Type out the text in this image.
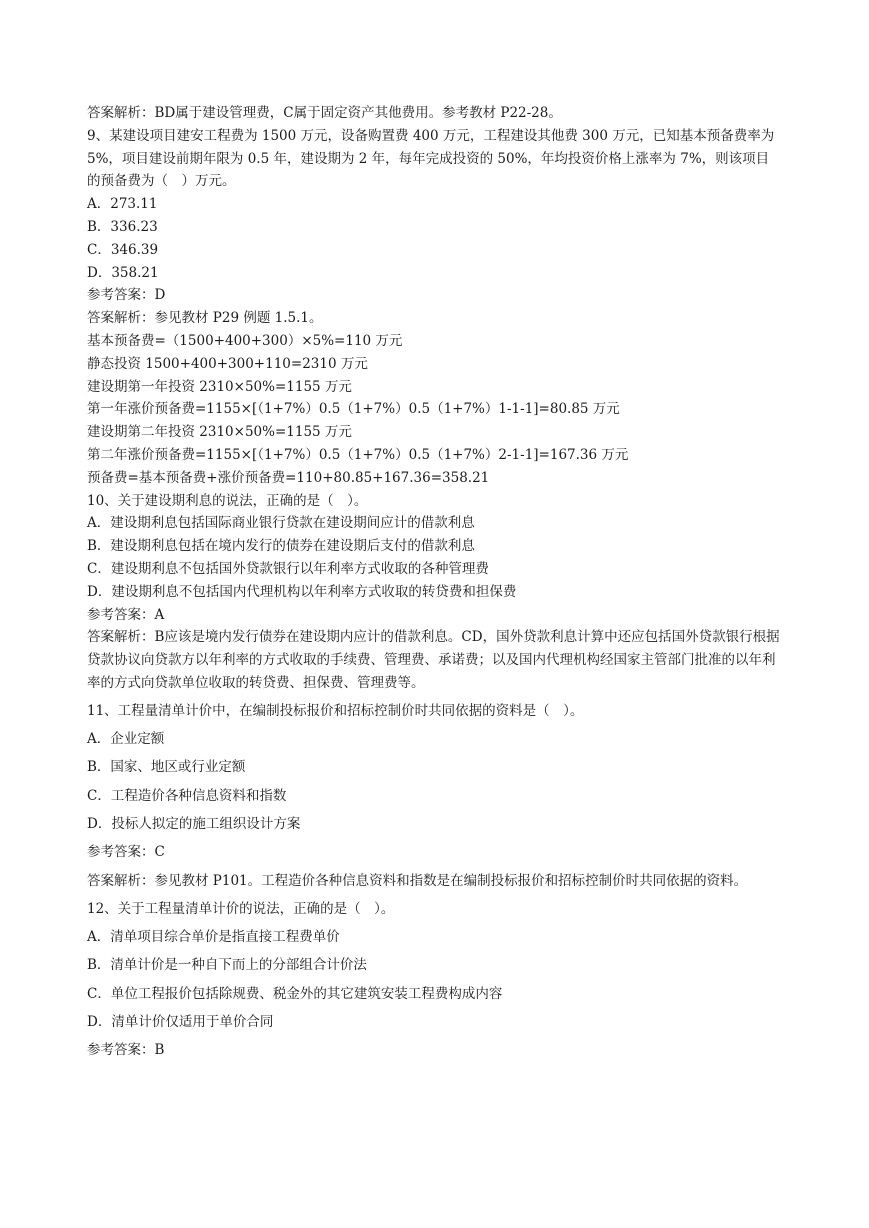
答案解析：BD属于建设管理费，C属于固定资产其他费用。参考教材 P22-28。
9、某建设项目建安工程费为 1500 万元，设备购置费 400 万元，工程建设其他费 300 万元，已知基本预备费率为 5%，项目建设前期年限为 0.5 年，建设期为 2 年，每年完成投资的 50%，年均投资价格上涨率为 7%，则该项目的预备费为（　）万元。
A．273.11
B．336.23
C．346.39
D．358.21
参考答案：D
答案解析：参见教材 P29 例题 1.5.1。
基本预备费=（1500+400+300）×5%=110 万元
静态投资 1500+400+300+110=2310 万元
建设期第一年投资 2310×50%=1155 万元
第一年涨价预备费=1155×[（1+7%）0.5（1+7%）0.5（1+7%）1-1-1]=80.85 万元
建设期第二年投资 2310×50%=1155 万元
第二年涨价预备费=1155×[（1+7%）0.5（1+7%）0.5（1+7%）2-1-1]=167.36 万元
预备费=基本预备费+涨价预备费=110+80.85+167.36=358.21
10、关于建设期利息的说法，正确的是（　）。
A．建设期利息包括国际商业银行贷款在建设期间应计的借款利息
B．建设期利息包括在境内发行的债券在建设期后支付的借款利息
C．建设期利息不包括国外贷款银行以年利率方式收取的各种管理费
D．建设期利息不包括国内代理机构以年利率方式收取的转贷费和担保费
参考答案：A
答案解析：B应该是境内发行债券在建设期内应计的借款利息。CD，国外贷款利息计算中还应包括国外贷款银行根据贷款协议向贷款方以年利率的方式收取的手续费、管理费、承诺费；以及国内代理机构经国家主管部门批准的以年利率的方式向贷款单位收取的转贷费、担保费、管理费等。
11、工程量清单计价中，在编制投标报价和招标控制价时共同依据的资料是（　）。
A．企业定额
B．国家、地区或行业定额
C．工程造价各种信息资料和指数
D．投标人拟定的施工组织设计方案
参考答案：C
答案解析：参见教材 P101。工程造价各种信息资料和指数是在编制投标报价和招标控制价时共同依据的资料。
12、关于工程量清单计价的说法，正确的是（　）。
A．清单项目综合单价是指直接工程费单价
B．清单计价是一种自下而上的分部组合计价法
C．单位工程报价包括除规费、税金外的其它建筑安装工程费构成内容
D．清单计价仅适用于单价合同
参考答案：B
